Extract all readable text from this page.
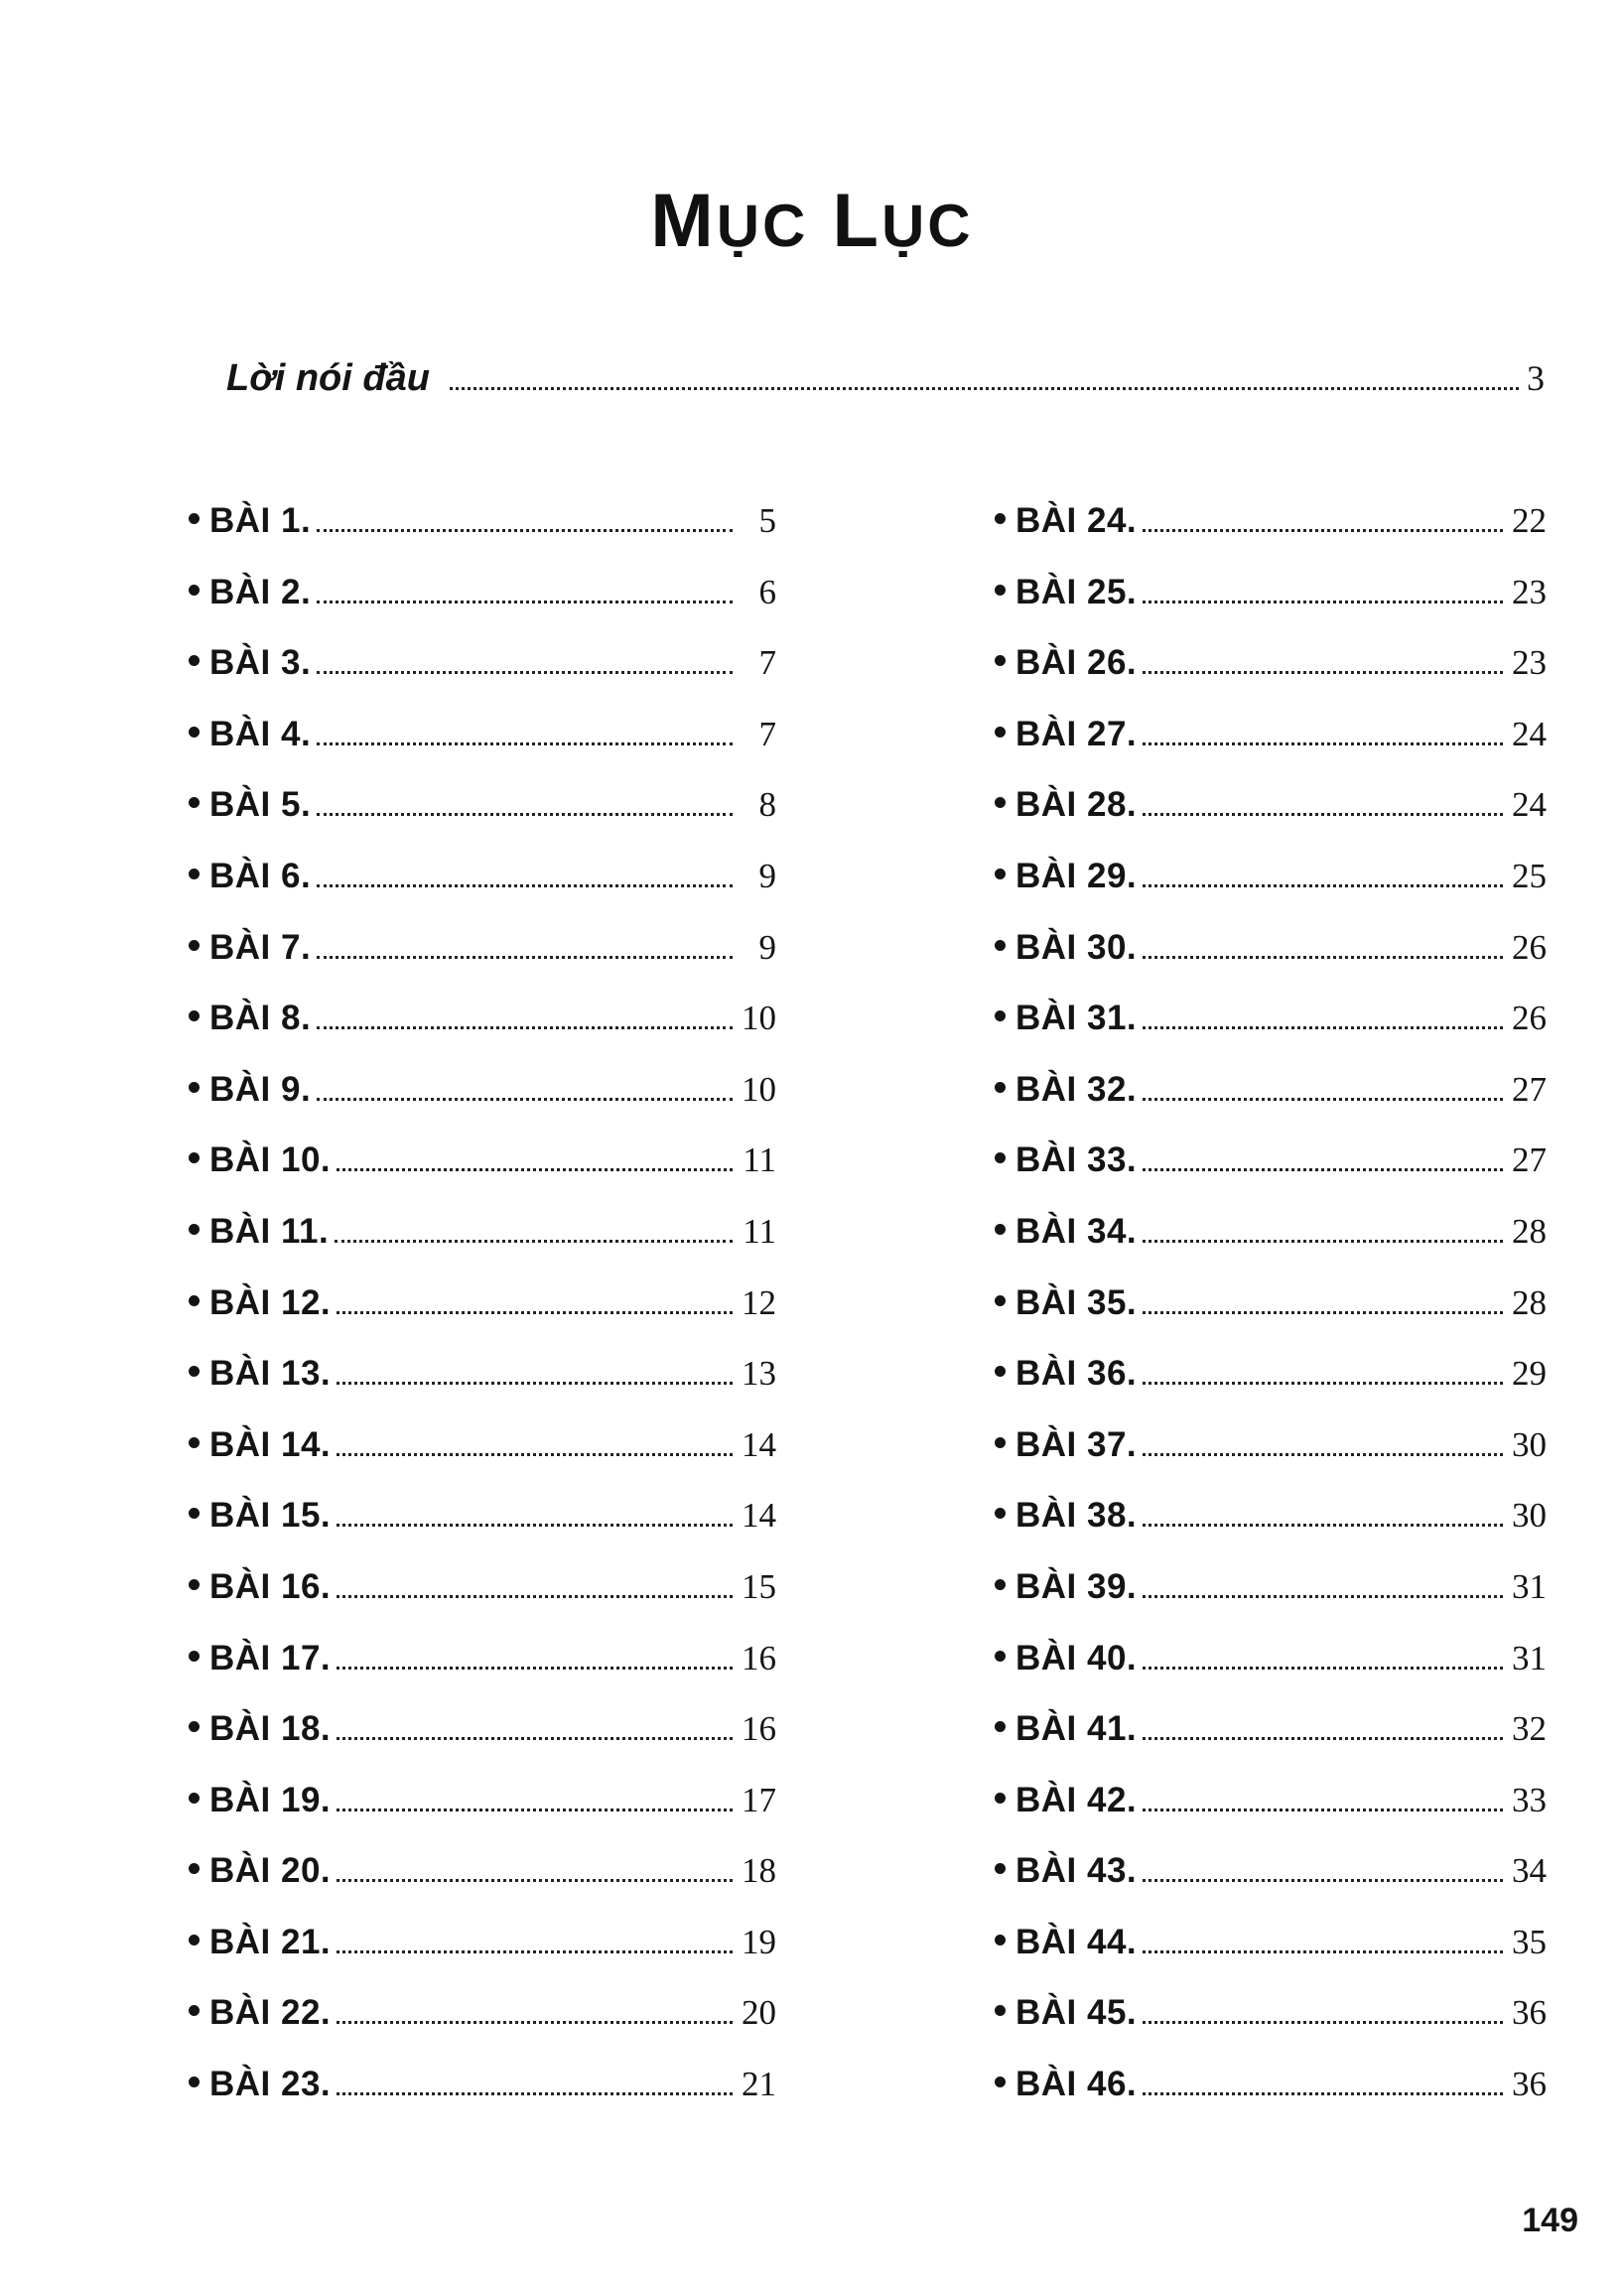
MỤC LỤC
Lời nói đầu	3
BÀI 1.	5
BÀI 2.	6
BÀI 3.	7
BÀI 4.	7
BÀI 5.	8
BÀI 6.	9
BÀI 7.	9
BÀI 8.	10
BÀI 9.	10
BÀI 10.	11
BÀI 11.	11
BÀI 12.	12
BÀI 13.	13
BÀI 14.	14
BÀI 15.	14
BÀI 16.	15
BÀI 17.	16
BÀI 18.	16
BÀI 19.	17
BÀI 20.	18
BÀI 21.	19
BÀI 22.	20
BÀI 23.	21
BÀI 24.	22
BÀI 25.	23
BÀI 26.	23
BÀI 27.	24
BÀI 28.	24
BÀI 29.	25
BÀI 30.	26
BÀI 31.	26
BÀI 32.	27
BÀI 33.	27
BÀI 34.	28
BÀI 35.	28
BÀI 36.	29
BÀI 37.	30
BÀI 38.	30
BÀI 39.	31
BÀI 40.	31
BÀI 41.	32
BÀI 42.	33
BÀI 43.	34
BÀI 44.	35
BÀI 45.	36
BÀI 46.	36
149
